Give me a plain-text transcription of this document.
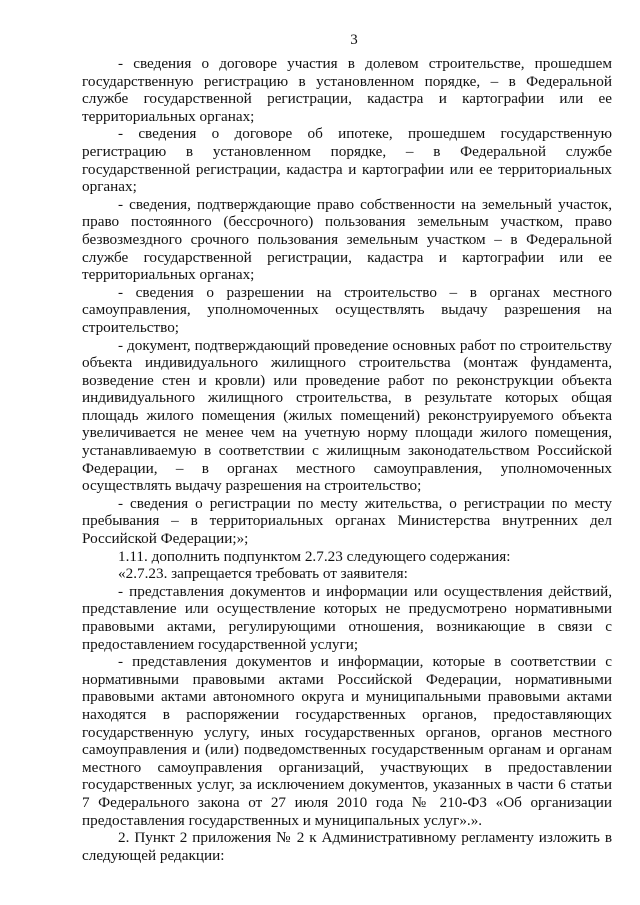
3

- сведения о договоре участия в долевом строительстве, прошедшем государственную регистрацию в установленном порядке, – в Федеральной службе государственной регистрации, кадастра и картографии или ее территориальных органах;

- сведения о договоре об ипотеке, прошедшем государственную регистрацию в установленном порядке, – в Федеральной службе государственной регистрации, кадастра и картографии или ее территориальных органах;

- сведения, подтверждающие право собственности на земельный участок, право постоянного (бессрочного) пользования земельным участком, право безвозмездного срочного пользования земельным участком – в Федеральной службе государственной регистрации, кадастра и картографии или ее территориальных органах;

- сведения о разрешении на строительство – в органах местного самоуправления, уполномоченных осуществлять выдачу разрешения на строительство;

- документ, подтверждающий проведение основных работ по строительству объекта индивидуального жилищного строительства (монтаж фундамента, возведение стен и кровли) или проведение работ по реконструкции объекта индивидуального жилищного строительства, в результате которых общая площадь жилого помещения (жилых помещений) реконструируемого объекта увеличивается не менее чем на учетную норму площади жилого помещения, устанавливаемую в соответствии с жилищным законодательством Российской Федерации, – в органах местного самоуправления, уполномоченных осуществлять выдачу разрешения на строительство;

- сведения о регистрации по месту жительства, о регистрации по месту пребывания – в территориальных органах Министерства внутренних дел Российской Федерации;»;

1.11. дополнить подпунктом 2.7.23 следующего содержания:

«2.7.23. запрещается требовать от заявителя:

- представления документов и информации или осуществления действий, представление или осуществление которых не предусмотрено нормативными правовыми актами, регулирующими отношения, возникающие в связи с предоставлением государственной услуги;

- представления документов и информации, которые в соответствии с нормативными правовыми актами Российской Федерации, нормативными правовыми актами автономного округа и муниципальными правовыми актами находятся в распоряжении государственных органов, предоставляющих государственную услугу, иных государственных органов, органов местного самоуправления и (или) подведомственных государственным органам и органам местного самоуправления организаций, участвующих в предоставлении государственных услуг, за исключением документов, указанных в части 6 статьи 7 Федерального закона от 27 июля 2010 года № 210-ФЗ «Об организации предоставления государственных и муниципальных услуг».».

2. Пункт 2 приложения № 2 к Административному регламенту изложить в следующей редакции:
